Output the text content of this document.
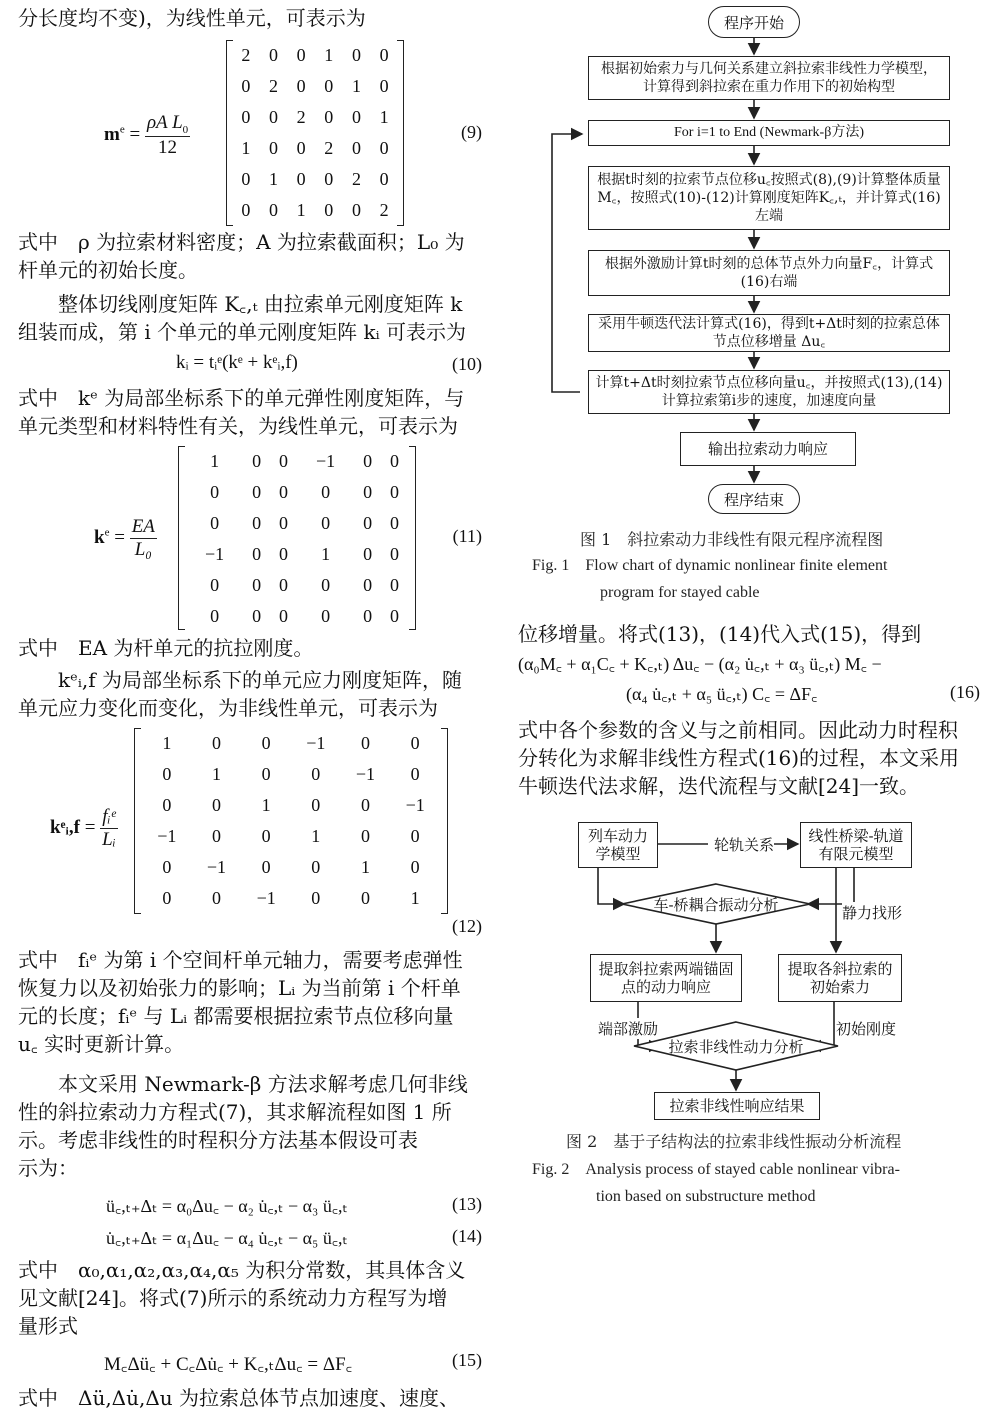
分长度均不变)，为线性单元，可表示为
$m^e = \frac{\rho A L_0}{12}$
2	0	0	1	0	0
0	2	0	0	1	0
0	0	2	0	0	1
1	0	0	2	0	0
0	1	0	0	2	0
0	0	1	0	0	2
(9)
式中　ρ 为拉索材料密度；A 为拉索截面积；L₀ 为
杆单元的初始长度。
　　整体切线刚度矩阵 K꜀,ₜ 由拉索单元刚度矩阵 k
组装而成，第 i 个单元的单元刚度矩阵 kᵢ 可表示为
kᵢ = tᵢᵉ(kᵉ + kᵉᵢ,f)	(10)
式中　kᵉ 为局部坐标系下的单元弹性刚度矩阵，与
单元类型和材料特性有关，为线性单元，可表示为
$k^e = \frac{EA}{\text{L₀}}$
1	0	0	−1	0	0
0	0	0	0	0	0
0	0	0	0	0	0
−1	0	0	1	0	0
0	0	0	0	0	0
0	0	0	0	0	0
(11)
式中　EA 为杆单元的抗拉刚度。
　　kᵉᵢ,f 为局部坐标系下的单元应力刚度矩阵，随
单元应力变化而变化，为非线性单元，可表示为
kᵉᵢ,f = $\frac{\text{fᵢᵉ}}{\text{Lᵢ}}$
1	0	0	−1	0	0
0	1	0	0	−1	0
0	0	1	0	0	−1
−1	0	0	1	0	0
0	−1	0	0	1	0
0	0	−1	0	0	1
(12)
式中　fᵢᵉ 为第 i 个空间杆单元轴力，需要考虑弹性
恢复力以及初始张力的影响；Lᵢ 为当前第 i 个杆单
元的长度；fᵢᵉ 与 Lᵢ 都需要根据拉索节点位移向量
u꜀ 实时更新计算。
　　本文采用 Newmark-β 方法求解考虑几何非线
性的斜拉索动力方程式(7)，其求解流程如图 1 所
示。考虑非线性的时程积分方法基本假设可表
示为：
ü꜀,ₜ₊Δₜ = α₀Δu꜀ − α₂ u̇꜀,ₜ − α₃ ü꜀,ₜ	(13)
u̇꜀,ₜ₊Δₜ = α₁Δu꜀ − α₄ u̇꜀,ₜ − α₅ ü꜀,ₜ	(14)
式中　α₀,α₁,α₂,α₃,α₄,α₅ 为积分常数，其具体含义
见文献[24]。将式(7)所示的系统动力方程写为增
量形式
M꜀Δü꜀ + C꜀Δu̇꜀ + K꜀,ₜΔu꜀ = ΔF꜀	(15)
式中　Δü,Δu̇,Δu 为拉索总体节点加速度、速度、
程序开始
根据初始索力与几何关系建立斜拉索非线性力学模型，计算得到斜拉索在重力作用下的初始构型
For i=1 to End (Newmark-β方法)
根据t时刻的拉索节点位移u꜀按照式(8),(9)计算整体质量M꜀，按照式(10)-(12)计算刚度矩阵K꜀,ₜ，并计算式(16)左端
根据外激励计算t时刻的总体节点外力向量F꜀，计算式(16)右端
采用牛顿迭代法计算式(16)，得到t+Δt时刻的拉索总体节点位移增量 Δu꜀
计算t+Δt时刻拉索节点位移向量u꜀，并按照式(13),(14)计算拉索第i步的速度，加速度向量
输出拉索动力响应
程序结束
图 1　斜拉索动力非线性有限元程序流程图
Fig. 1　Flow chart of dynamic nonlinear finite element
program for stayed cable
位移增量。将式(13)，(14)代入式(15)，得到
(α₀M꜀ + α₁C꜀ + K꜀,ₜ) Δu꜀ − (α₂ u̇꜀,ₜ + α₃ ü꜀,ₜ) M꜀ −
(α₄ u̇꜀,ₜ + α₅ ü꜀,ₜ) C꜀ = ΔF꜀	(16)
式中各个参数的含义与之前相同。因此动力时程积
分转化为求解非线性方程式(16)的过程，本文采用
牛顿迭代法求解，迭代流程与文献[24]一致。
列车动力学模型	轮轨关系	线性桥梁-轨道有限元模型
车-桥耦合振动分析	静力找形
提取斜拉索两端锚固点的动力响应
提取各斜拉索的初始索力
端部激励	初始刚度
拉索非线性动力分析
拉索非线性响应结果
图 2　基于子结构法的拉索非线性振动分析流程
Fig. 2　Analysis process of stayed cable nonlinear vibra-
tion based on substructure method
